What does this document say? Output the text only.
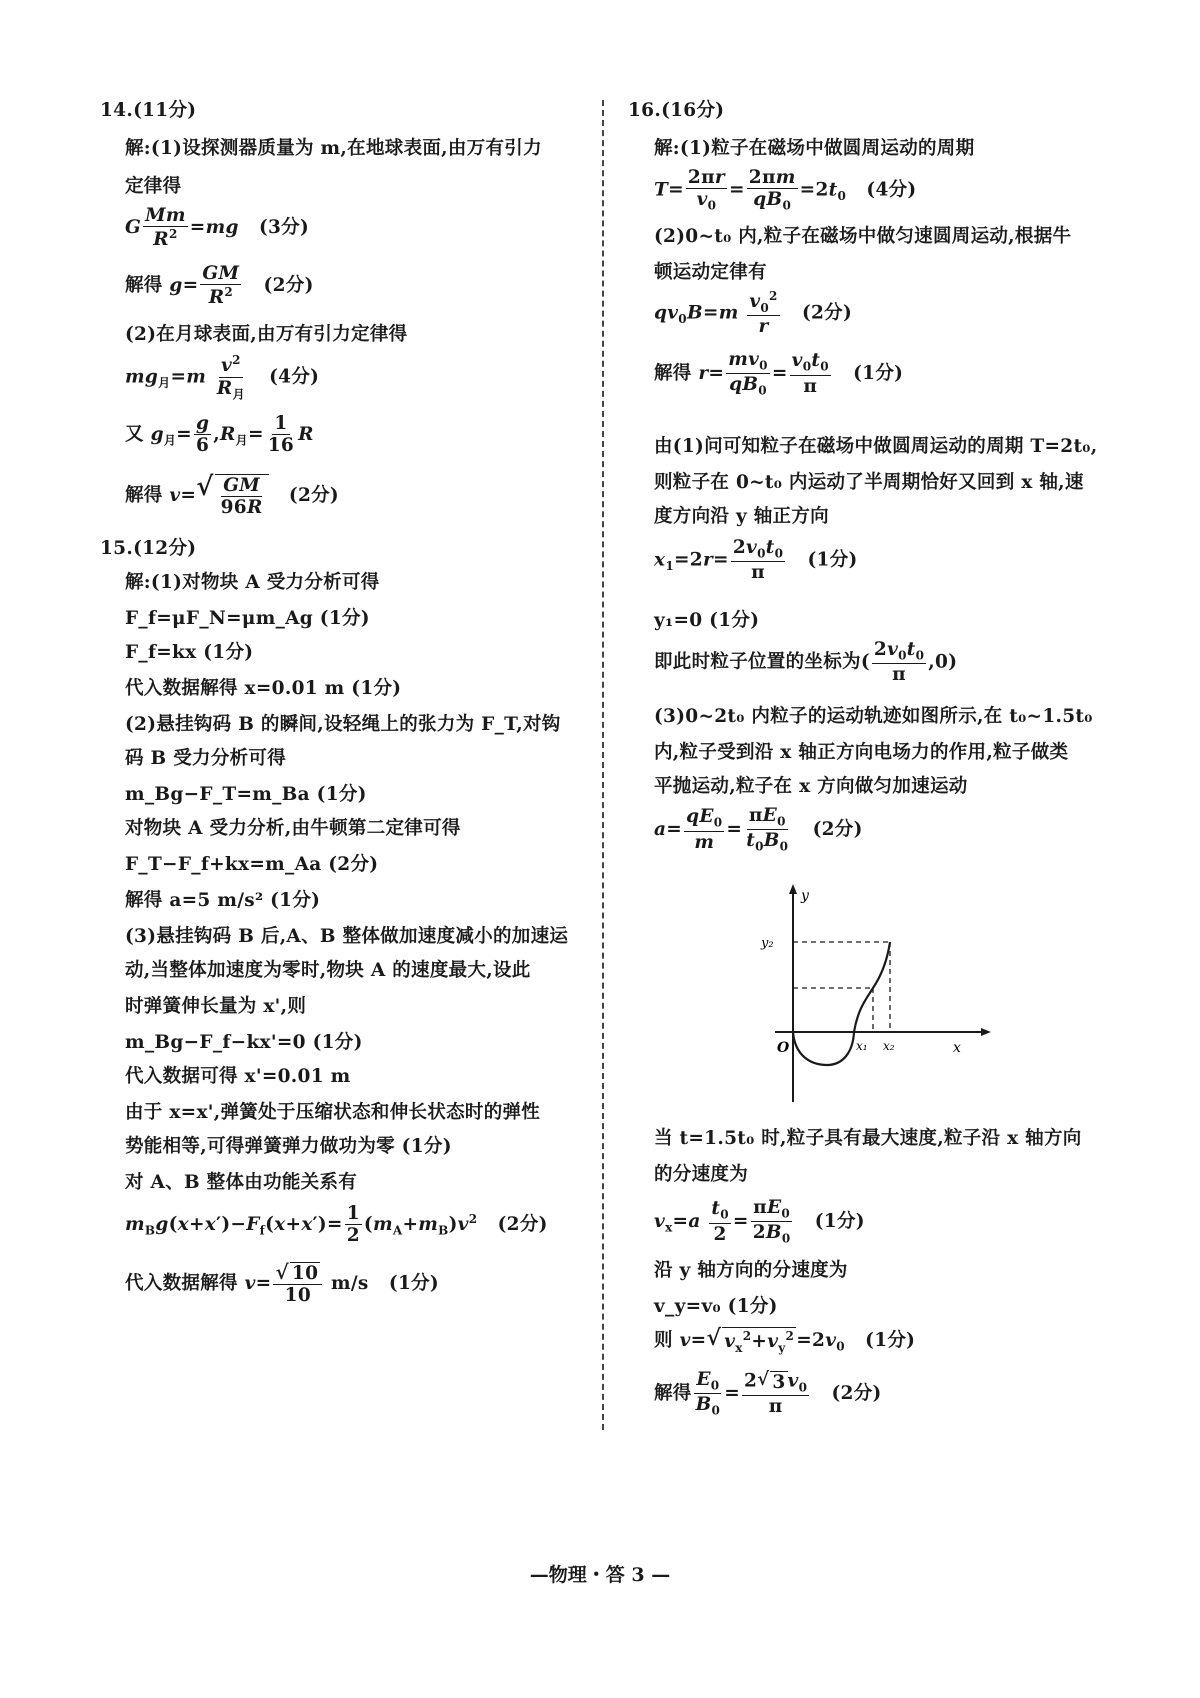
14.(11分)
解:(1)设探测器质量为 m,在地球表面,由万有引力
定律得
G $\frac{Mm}{R^2} =mg$ (3分)
解得 $g= \frac{GM}{R^2} (2$分)
(2)在月球表面,由万有引力定律得
$mg_月=m \frac{v^2}{R_月} (4$分)
又 $g_月= \frac{g}{6} ,R_月= \frac{1}{16}$ R
解得 v= √ $\frac{GM}{96R} (2$分)
15.(12分)
解:(1)对物块 A 受力分析可得
F_f=μF_N=μm_Ag (1分)
F_f=kx (1分)
代入数据解得 x=0.01 m (1分)
(2)悬挂钩码 B 的瞬间,设轻绳上的张力为 F_T,对钩
码 B 受力分析可得
m_Bg−F_T=m_Ba (1分)
对物块 A 受力分析,由牛顿第二定律可得
F_T−F_f+kx=m_Aa (2分)
解得 a=5 m/s² (1分)
(3)悬挂钩码 B 后,A、B 整体做加速度减小的加速运
动,当整体加速度为零时,物块 A 的速度最大,设此
时弹簧伸长量为 x',则
m_Bg−F_f−kx'=0 (1分)
代入数据可得 x'=0.01 m
由于 x=x',弹簧处于压缩状态和伸长状态时的弹性
势能相等,可得弹簧弹力做功为零 (1分)
对 A、B 整体由功能关系有
$m_Bg(x+x')-F_f(x+x')= \frac{1}{2} (m_A+m_B)v^2$ (2分)
代入数据解得 $v= \frac{√ 10}{10} m/s$ (1分)
16.(16分)
解:(1)粒子在磁场中做圆周运动的周期
$T= \frac{2\pi r}{v_0} = \frac{2\pi m}{qB_0} =2t_0$ (4分)
(2)0~t₀ 内,粒子在磁场中做匀速圆周运动,根据牛
顿运动定律有
$qv_0B=m \frac{v_0^2}{r} (2$分)
解得 $r= \frac{mv_0}{qB_0} = \frac{v_0t_0}{\pi} (1$分)
由(1)问可知粒子在磁场中做圆周运动的周期 T=2t₀,
则粒子在 0~t₀ 内运动了半周期恰好又回到 x 轴,速
度方向沿 y 轴正方向
$x_1=2r= \frac{2v_0t_0}{\pi} (1$分)
y₁=0 (1分)
即此时粒子位置的坐标为( $\frac{2v_0t_0}{\pi} ,0$)
(3)0~2t₀ 内粒子的运动轨迹如图所示,在 t₀~1.5t₀
内,粒子受到沿 x 轴正方向电场力的作用,粒子做类
平抛运动,粒子在 x 方向做匀加速运动
$a= \frac{qE_0}{m} = \frac{\pi E_0}{t_0B_0} (2$分)
y
y₂
O	x₁ x₂	x
当 t=1.5t₀ 时,粒子具有最大速度,粒子沿 x 轴方向
的分速度为
$v_x=a \frac{t_0}{2} = \frac{\pi E_0}{2B_0} (1$分)
沿 y 轴方向的分速度为
v_y=v₀ (1分)
则 v= √ $v_x^2+v_y^2 =2v_0$ (1分)
解得 $\frac{E_0}{B_0} = \frac{2 √ 3 v_0}{\pi} (2$分)
—物理・答 3 —
